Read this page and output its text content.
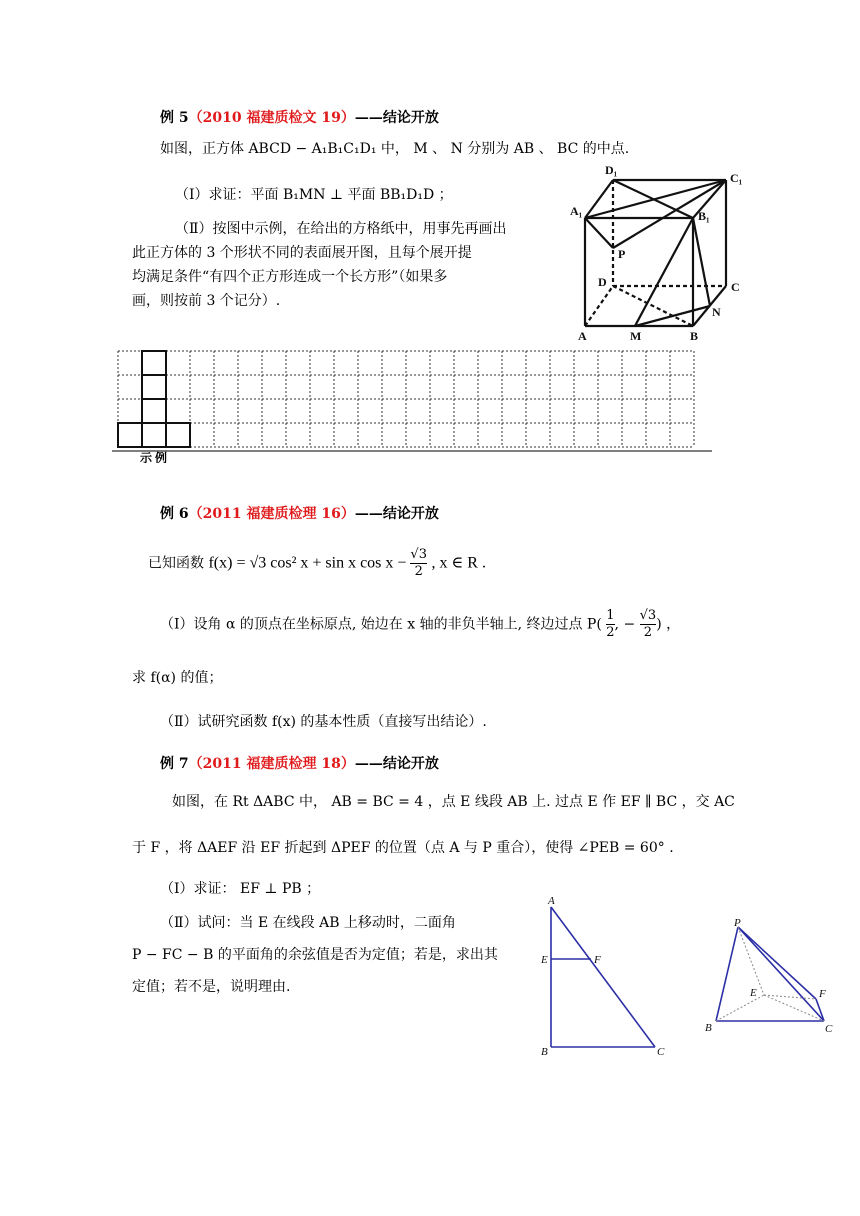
例 5（2010 福建质检文 19）——结论开放
如图，正方体 ABCD − A₁B₁C₁D₁ 中， M 、 N 分别为 AB 、 BC 的中点.
（Ⅰ）求证：平面 B₁MN ⊥ 平面 BB₁D₁D ；
（Ⅱ）按图中示例，在给出的方格纸中，用事先再画出
此正方体的 3 个形状不同的表面展开图，且每个展开提
均满足条件“有四个正方形连成一个长方形”（如果多
画，则按前 3 个记分）.
D₁
C₁
A₁	B₁
P
D	C
A	M	B
N
示 例
例 6（2011 福建质检理 16）——结论开放
已知函数 f(x) = √3 cos² x + sin x $\cos x - \frac{√3}{2}$ , x ∈ R .
（Ⅰ）设角 α 的顶点在坐标原点, 始边在 x 轴的非负半轴上, 终边过点 $P( \frac{1}{2}$ , − $\frac{√3}{2}$ ) ，
求 f(α) 的值；
（Ⅱ）试研究函数 f(x) 的基本性质（直接写出结论）.
例 7（2011 福建质检理 18）——结论开放
如图，在 Rt ΔABC 中， AB = BC = 4 ，点 E 线段 AB 上. 过点 E 作 EF ∥ BC ，交 AC
于 F ，将 ΔAEF 沿 EF 折起到 ΔPEF 的位置（点 A 与 P 重合），使得 ∠PEB = 60° .
（Ⅰ）求证： EF ⊥ PB ；
（Ⅱ）试问：当 E 在线段 AB 上移动时，二面角
P − FC − B 的平面角的余弦值是否为定值；若是，求出其
定值；若不是，说明理由.
A
E	F
B	C
P
E	F
B	C
